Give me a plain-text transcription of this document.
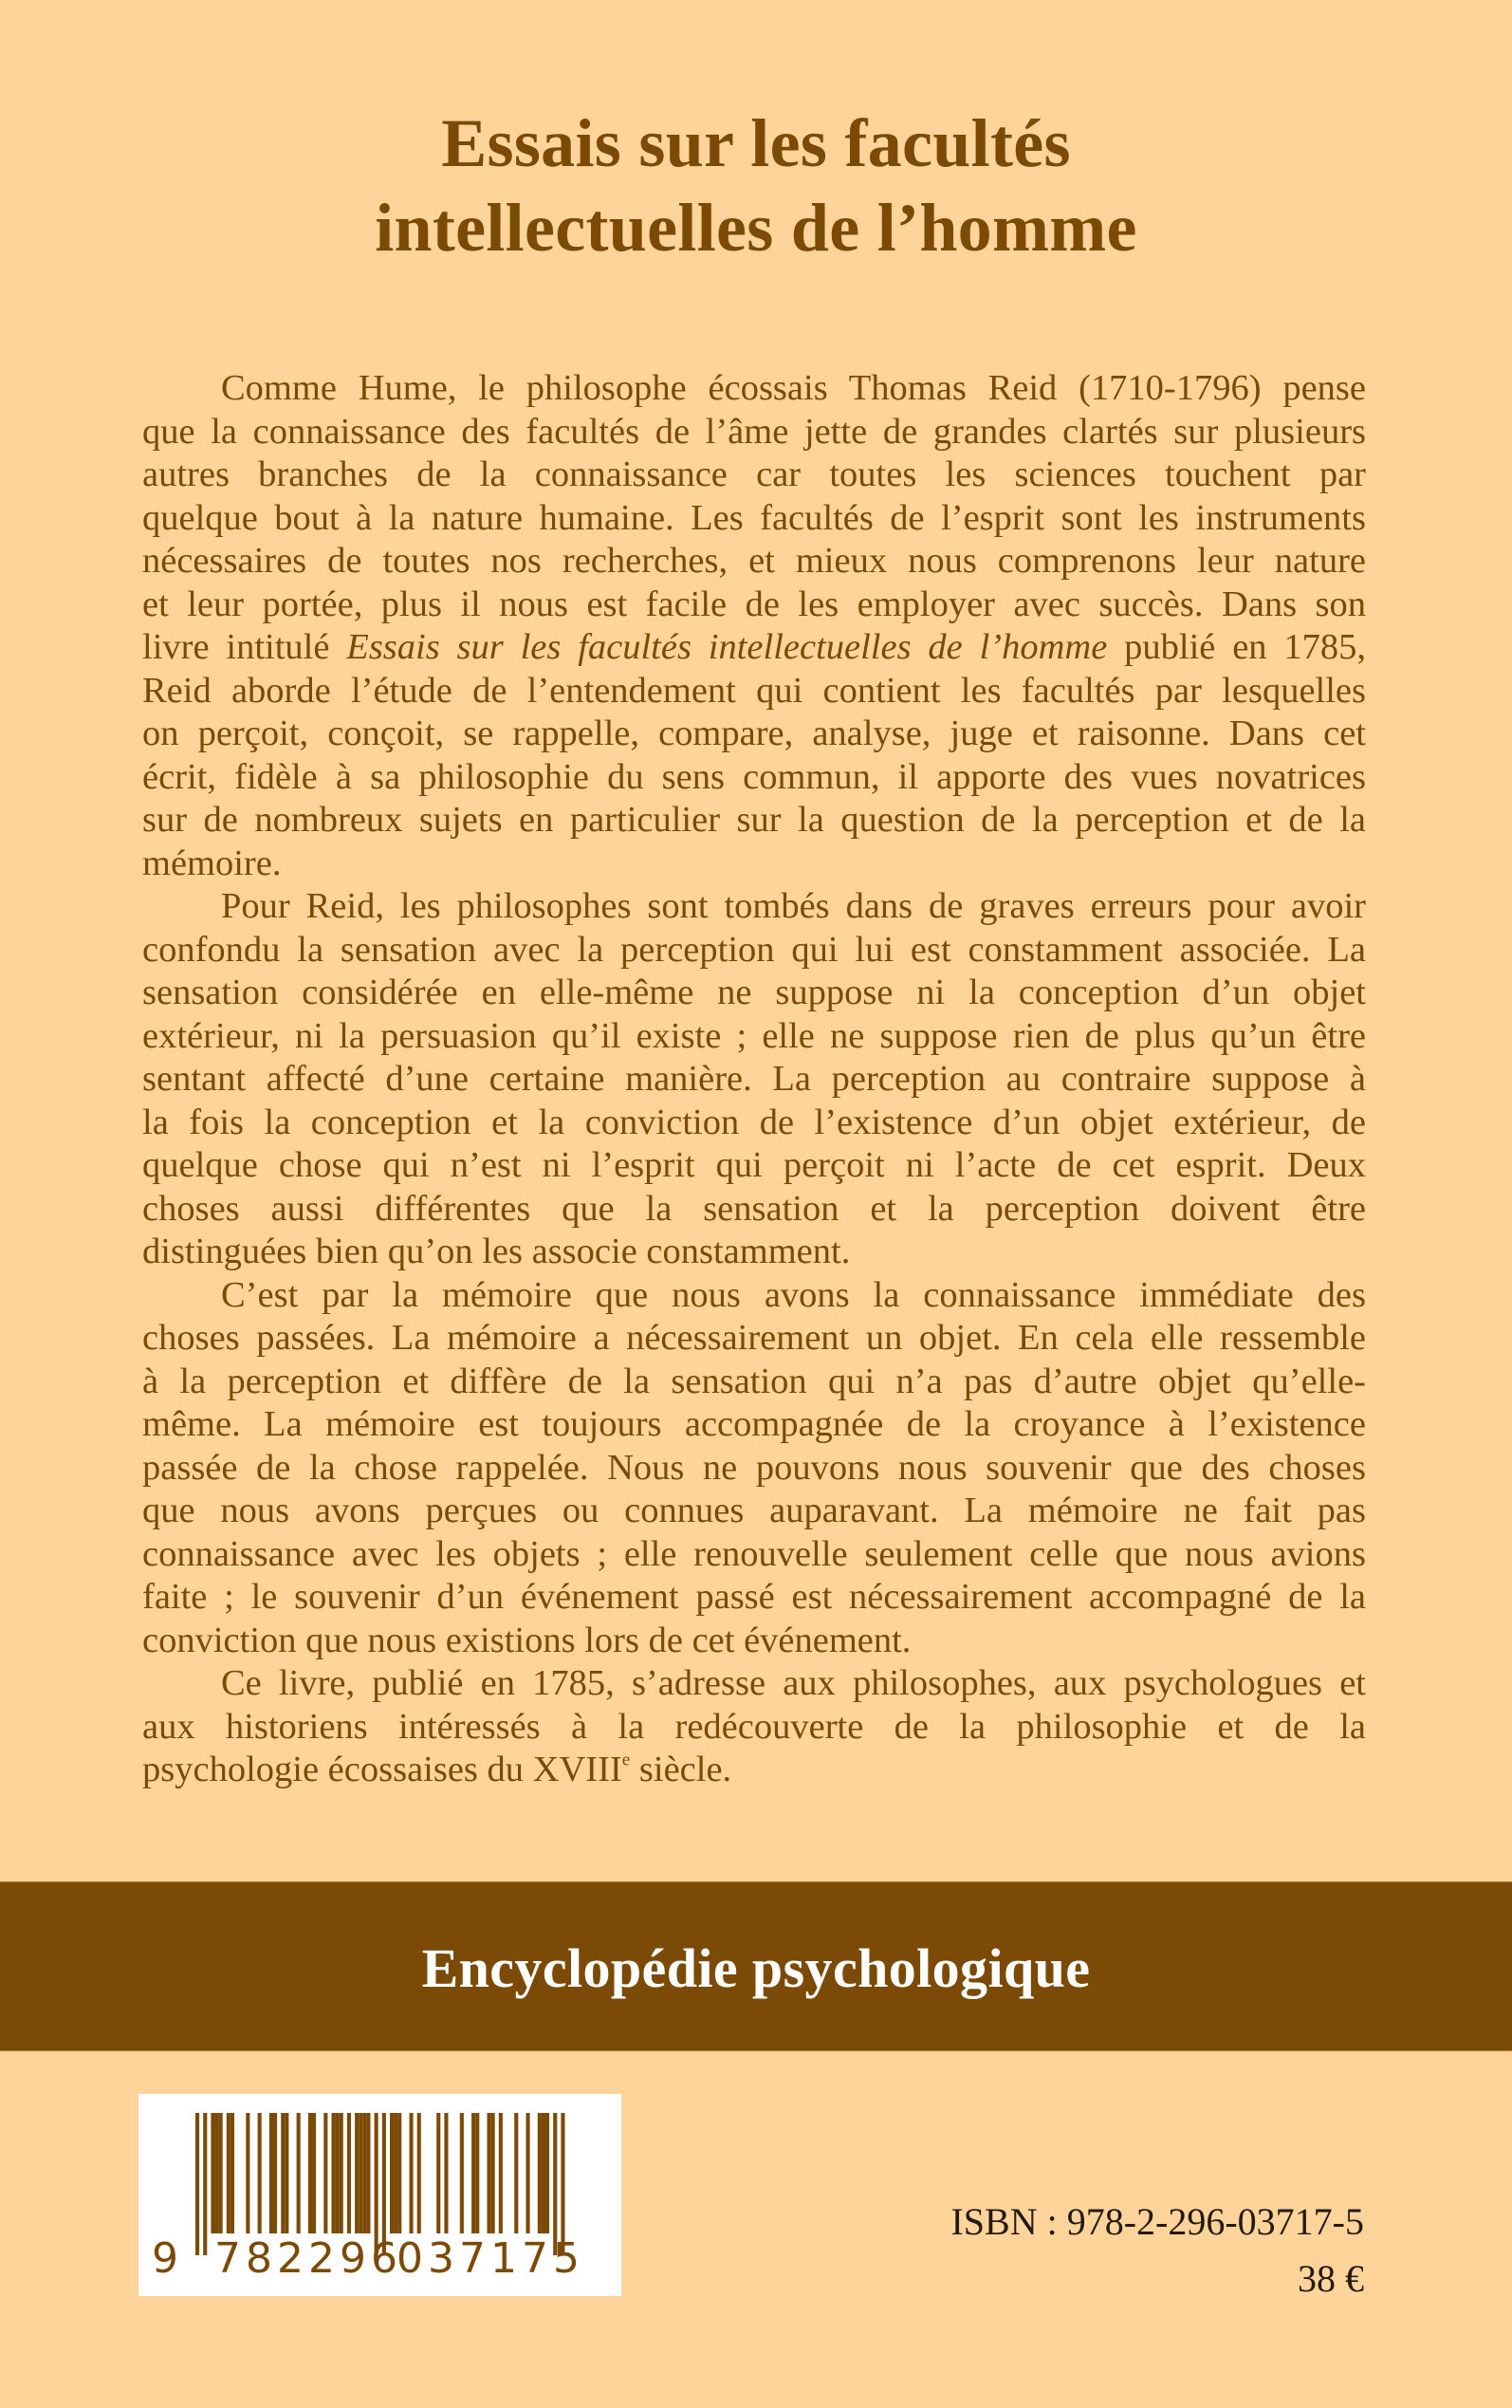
Essais sur les facultés
intellectuelles de l’homme
Comme Hume, le philosophe écossais Thomas Reid (1710-1796) pense
que la connaissance des facultés de l’âme jette de grandes clartés sur plusieurs
autres branches de la connaissance car toutes les sciences touchent par
quelque bout à la nature humaine. Les facultés de l’esprit sont les instruments
nécessaires de toutes nos recherches, et mieux nous comprenons leur nature
et leur portée, plus il nous est facile de les employer avec succès. Dans son
livre intitulé Essais sur les facultés intellectuelles de l’homme publié en 1785,
Reid aborde l’étude de l’entendement qui contient les facultés par lesquelles
on perçoit, conçoit, se rappelle, compare, analyse, juge et raisonne. Dans cet
écrit, fidèle à sa philosophie du sens commun, il apporte des vues novatrices
sur de nombreux sujets en particulier sur la question de la perception et de la
mémoire.
Pour Reid, les philosophes sont tombés dans de graves erreurs pour avoir
confondu la sensation avec la perception qui lui est constamment associée. La
sensation considérée en elle-même ne suppose ni la conception d’un objet
extérieur, ni la persuasion qu’il existe ; elle ne suppose rien de plus qu’un être
sentant affecté d’une certaine manière. La perception au contraire suppose à
la fois la conception et la conviction de l’existence d’un objet extérieur, de
quelque chose qui n’est ni l’esprit qui perçoit ni l’acte de cet esprit. Deux
choses aussi différentes que la sensation et la perception doivent être
distinguées bien qu’on les associe constamment.
C’est par la mémoire que nous avons la connaissance immédiate des
choses passées. La mémoire a nécessairement un objet. En cela elle ressemble
à la perception et diffère de la sensation qui n’a pas d’autre objet qu’elle-
même. La mémoire est toujours accompagnée de la croyance à l’existence
passée de la chose rappelée. Nous ne pouvons nous souvenir que des choses
que nous avons perçues ou connues auparavant. La mémoire ne fait pas
connaissance avec les objets ; elle renouvelle seulement celle que nous avions
faite ; le souvenir d’un événement passé est nécessairement accompagné de la
conviction que nous existions lors de cet événement.
Ce livre, publié en 1785, s’adresse aux philosophes, aux psychologues et
aux historiens intéressés à la redécouverte de la philosophie et de la
psychologie écossaises du XVIIIe siècle.
Encyclopédie psychologique
9 782296
037175
ISBN : 978-2-296-03717-5
38 €
